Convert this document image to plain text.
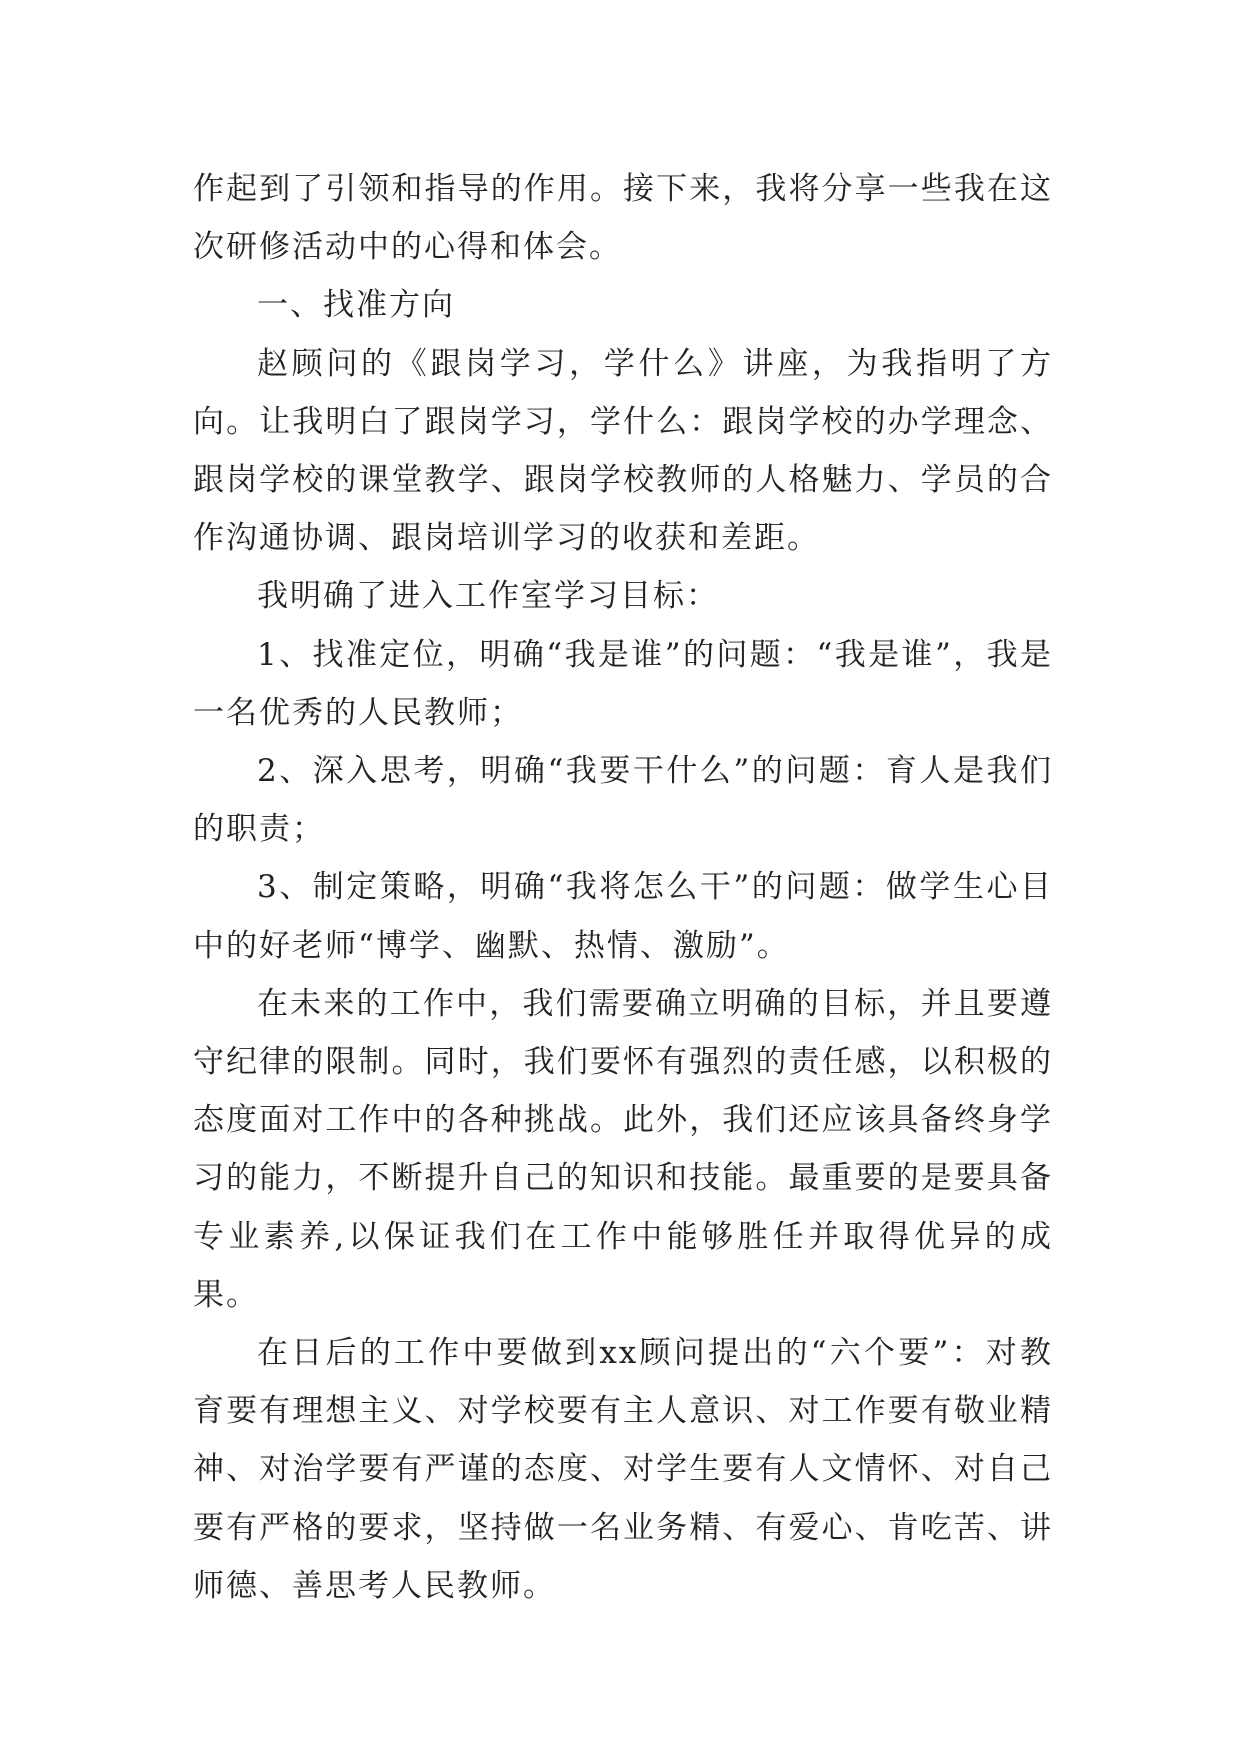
作起到了引领和指导的作用。接下来，我将分享一些我在这次研修活动中的心得和体会。

一、找准方向

赵顾问的《跟岗学习，学什么》讲座，为我指明了方向。让我明白了跟岗学习，学什么：跟岗学校的办学理念、跟岗学校的课堂教学、跟岗学校教师的人格魅力、学员的合作沟通协调、跟岗培训学习的收获和差距。

我明确了进入工作室学习目标：

1、找准定位，明确“我是谁”的问题：“我是谁”，我是一名优秀的人民教师；

2、深入思考，明确“我要干什么”的问题：育人是我们的职责；

3、制定策略，明确“我将怎么干”的问题：做学生心目中的好老师“博学、幽默、热情、激励”。

在未来的工作中，我们需要确立明确的目标，并且要遵守纪律的限制。同时，我们要怀有强烈的责任感，以积极的态度面对工作中的各种挑战。此外，我们还应该具备终身学习的能力，不断提升自己的知识和技能。最重要的是要具备专业素养,以保证我们在工作中能够胜任并取得优异的成果。

在日后的工作中要做到xx顾问提出的“六个要”：对教育要有理想主义、对学校要有主人意识、对工作要有敬业精神、对治学要有严谨的态度、对学生要有人文情怀、对自己要有严格的要求，坚持做一名业务精、有爱心、肯吃苦、讲师德、善思考人民教师。
